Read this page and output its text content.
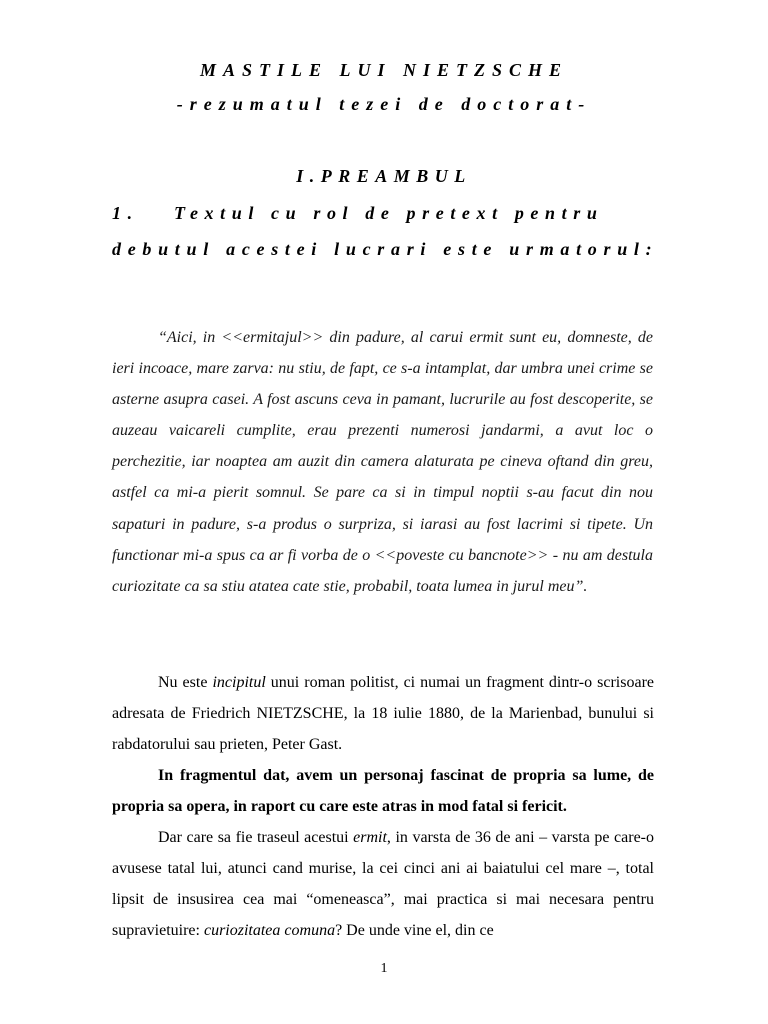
MASTILE LUI NIETZSCHE
-rezumatul tezei de doctorat-
I.PREAMBUL
1. Textul cu rol de pretext pentru
debutul acestei lucrari este urmatorul:

“Aici, in <<ermitajul>> din padure, al carui ermit sunt eu, domneste, de ieri incoace, mare zarva: nu stiu, de fapt, ce s-a intamplat, dar umbra unei crime se asterne asupra casei. A fost ascuns ceva in pamant, lucrurile au fost descoperite, se auzeau vaicareli cumplite, erau prezenti numerosi jandarmi, a avut loc o perchezitie, iar noaptea am auzit din camera alaturata pe cineva oftand din greu, astfel ca mi-a pierit somnul. Se pare ca si in timpul noptii s-au facut din nou sapaturi in padure, s-a produs o surpriza, si iarasi au fost lacrimi si tipete. Un functionar mi-a spus ca ar fi vorba de o <<poveste cu bancnote>> - nu am destula curiozitate ca sa stiu atatea cate stie, probabil, toata lumea in jurul meu”.

Nu este incipitul unui roman politist, ci numai un fragment dintr-o scrisoare adresata de Friedrich NIETZSCHE, la 18 iulie 1880, de la Marienbad, bunului si rabdatorului sau prieten, Peter Gast.

In fragmentul dat, avem un personaj fascinat de propria sa lume, de propria sa opera, in raport cu care este atras in mod fatal si fericit.

Dar care sa fie traseul acestui ermit, in varsta de 36 de ani – varsta pe care-o avusese tatal lui, atunci cand murise, la cei cinci ani ai baiatului cel mare –, total lipsit de insusirea cea mai “omeneasca”, mai practica si mai necesara pentru supravietuire: curiozitatea comuna? De unde vine el, din ce

1
